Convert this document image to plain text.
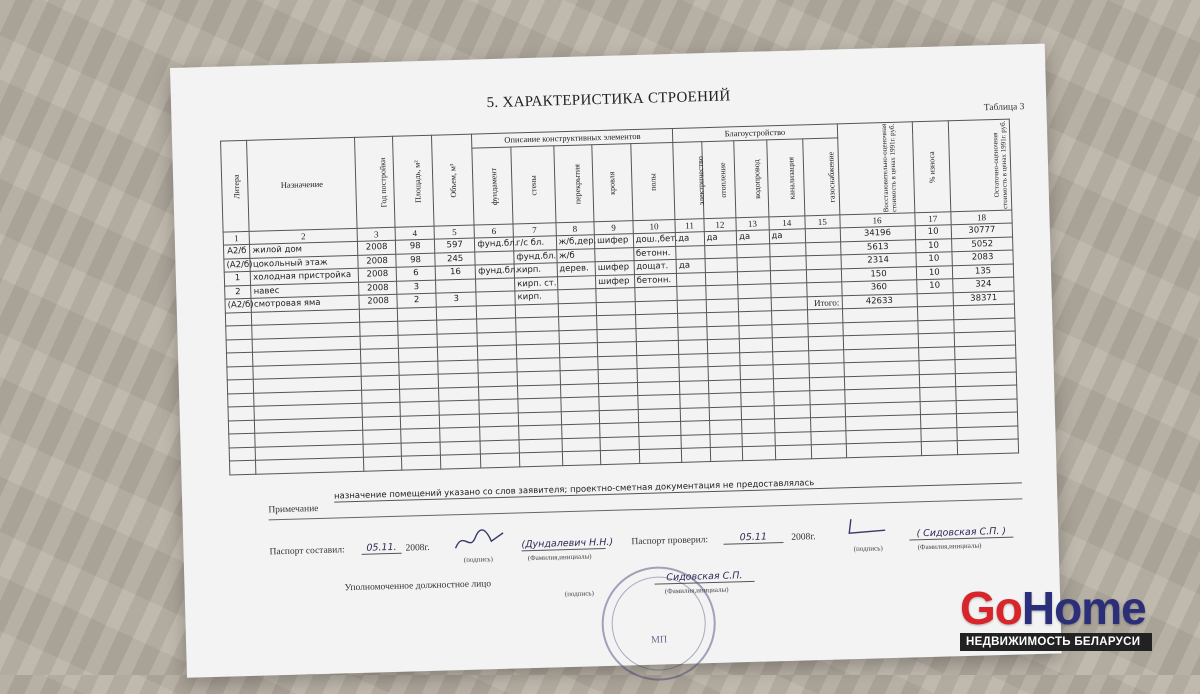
5. ХАРАКТЕРИСТИКА СТРОЕНИЙ	Таблица 3
Литера	Назначение	Год постройки	Площадь, м²	Объем, м³	Описание конструктивных элементов					Благоустройство					Восстановительно-оценочная стоимость в ценах 1991г. руб.	% износа	Остаточно-оценочная стоимость в ценах 1991г. руб.
					фундамент	стены	перекрытия	кровля	полы	электричество	отопление	водопровод	канализация	газоснабжение			
1	2	3	4	5	6	7	8	9	10	11	12	13	14	15	16	17	18
А2/б	жилой дом	2008	98	597	фунд.бл.	г/с бл.	ж/б,дер.	шифер	дош.,бет.	да	да	да	да		34196	10	30777
(А2/б)	цокольный этаж	2008	98	245		фунд.бл.	ж/б		бетонн.						5613	10	5052
1	холодная пристройка	2008	6	16	фунд.бл.	кирп.	дерев.	шифер	дощат.	да					2314	10	2083
2	навес	2008	3			кирп. ст.		шифер	бетонн.						150	10	135
(А2/б)	смотровая яма	2008	2	3		кирп.									360	10	324
														Итого:	42633		38371

Примечание
назначение помещений указано со слов заявителя; проектно-сметная документация не предоставлялась
Паспорт составил:	05.11. 2008г.
(подпись)
(Дундалевич Н.Н.)
(Фамилия,инициалы)
Паспорт проверил:	05.11	2008г.
(подпись)
( Сидовская С.П. )
(Фамилия,инициалы)
Уполномоченное должностное лицо
Сидовская С.П.
(подпись)	(Фамилия,инициалы)
МП
GoHome
НЕДВИЖИМОСТЬ БЕЛАРУСИ
